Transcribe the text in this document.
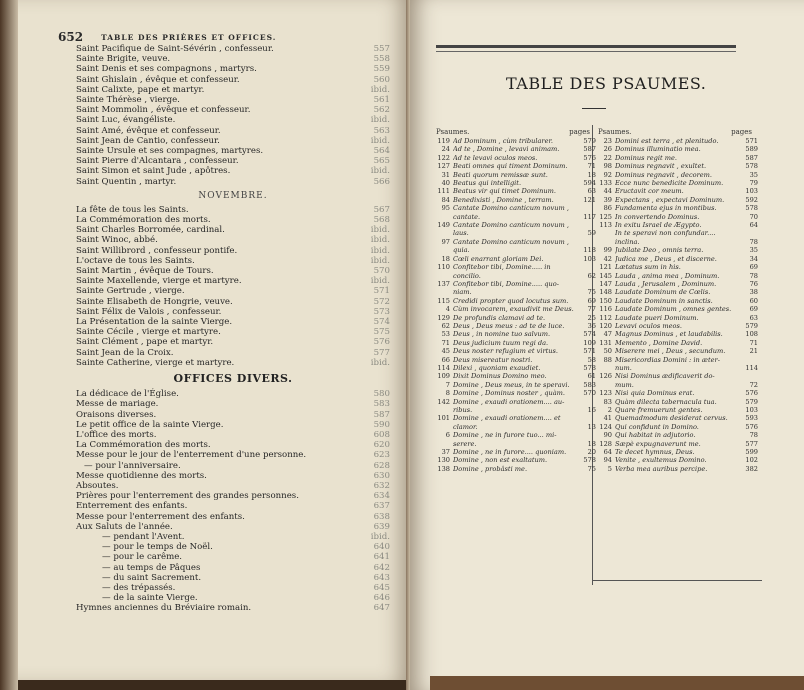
652 TABLE DES PRIÈRES ET OFFICES.
Saint Pacifique de Saint-Sévérin , confesseur.	557
Sainte Brigite, veuve.	558
Saint Denis et ses compagnons , martyrs.	559
Saint Ghislain , évêque et confesseur.	560
Saint Calixte, pape et martyr.	ibid.
Sainte Thérèse , vierge.	561
Saint Mommolin , évêque et confesseur.	562
Saint Luc, évangéliste.	ibid.
Saint Amé, évêque et confesseur.	563
Saint Jean de Cantio, confesseur.	ibid.
Sainte Ursule et ses compagnes, martyres.	564
Saint Pierre d'Alcantara , confesseur.	565
Saint Simon et saint Jude , apôtres.	ibid.
Saint Quentin , martyr.	566
NOVEMBRE.
La fête de tous les Saints.	567
La Commémoration des morts.	568
Saint Charles Borromée, cardinal.	ibid.
Saint Winoc, abbé.	ibid.
Saint Willibrord , confesseur pontife.	ibid.
L'octave de tous les Saints.	ibid.
Saint Martin , évêque de Tours.	570
Sainte Maxellende, vierge et martyre.	ibid.
Sainte Gertrude , vierge.	571
Sainte Elisabeth de Hongrie, veuve.	572
Saint Félix de Valois , confesseur.	573
La Présentation de la sainte Vierge.	574
Sainte Cécile , vierge et martyre.	575
Saint Clément , pape et martyr.	576
Saint Jean de la Croix.	577
Sainte Catherine, vierge et martyre.	ibid.
OFFICES DIVERS.
La dédicace de l'Église.	580
Messe de mariage.	583
Oraisons diverses.	587
Le petit office de la sainte Vierge.	590
L'office des morts.	608
La Commémoration des morts.	620
Messe pour le jour de l'enterrement d'une personne.	623
— pour l'anniversaire.	628
Messe quotidienne des morts.	630
Absoutes.	632
Prières pour l'enterrement des grandes personnes.	634
Enterrement des enfants.	637
Messe pour l'enterrement des enfants.	638
Aux Saluts de l'année.	639
— pendant l'Avent.	ibid.
— pour le temps de Noël.	640
— pour le carême.	641
— au temps de Pâques	642
— du saint Sacrement.	643
— des trépassés.	645
— de la sainte Vierge.	646
Hymnes anciennes du Bréviaire romain.	647
TABLE DES PSAUMES.
Psaumes.	pages
119 Ad Dominum , cùm tribularer.	579
24 Ad te , Domine , levavi animam.	587
122 Ad te levavi oculos meos.	576
127 Beati omnes qui timent Dominum.	71
31 Beati quorum remissæ sunt.	18
40 Beatus qui intelligit.	594
111 Beatus vir qui timet Dominum.	63
84 Benedixisti , Domine , terram.	121
95 Cantate Domino canticum novum ,
cantate.	117
149 Cantate Domino canticum novum ,
laus.	59
97 Cantate Domino canticum novum ,
quia.	118
18 Cœli enarrant gloriam Dei.	103
110 Confitebor tibi, Domine..... in
concilio.	62
137 Confitebor tibi, Domine..... quo-
niam.	75
115 Credidi propter quod locutus sum.	69
4 Cùm invocarem, exaudivit me Deus.	77
129 De profundis clamavi ad te.	25
62 Deus , Deus meus : ad te de luce.	36
53 Deus , in nomine tuo salvum.	574
71 Deus judicium tuum regi da.	109
45 Deus noster refugium et virtus.	571
66 Deus misereatur nostri.	58
114 Dilexi , quoniam exaudiet.	578
109 Dixit Dominus Domino meo.	61
7 Domine , Deus meus, in te speravi.	583
8 Domine , Dominus noster , quàm.	570
142 Domine , exaudi orationem.... au-
ribus.	16
101 Domine , exaudi orationem.... et
clamor.	13
6 Domine , ne in furore tuo... mi-
serere.	18
37 Domine , ne in furore.... quoniam.	20
130 Domine , non est exaltatum.	578
138 Domine , probâsti me.	75
Psaumes.	pages
23 Domini est terra , et plenitudo.	571
26 Dominus illuminatio mea.	589
22 Dominus regit me.	587
98 Dominus regnavit , exultet.	578
92 Dominus regnavit , decorem.	35
133 Ecce nunc benedicite Dominum.	79
44 Eructavit cor meum.	103
39 Expectans , expectavi Dominum.	592
86 Fundamenta ejus in montibus.	578
125 In convertendo Dominus.	70
113 In exitu Israel de Ægypto.	64
In te speravi non confundar....
inclina.	78
99 Jubilate Deo , omnis terra.	35
42 Judica me , Deus , et discerne.	34
121 Lætatus sum in his.	69
145 Lauda , anima mea , Dominum.	78
147 Lauda , Jerusalem , Dominum.	76
148 Laudate Dominum de Cœlis.	38
150 Laudate Dominum in sanctis.	60
116 Laudate Dominum , omnes gentes.	69
112 Laudate pueri Dominum.	63
120 Levavi oculos meos.	579
47 Magnus Dominus , et laudabilis.	108
131 Memento , Domine David.	71
50 Miserere mei , Deus , secundum.	21
88 Misericordias Domini : in æter-
num.	114
126 Nisi Dominus ædificaverit do-
mum.	72
123 Nisi quia Dominus erat.	576
83 Quàm dilecta tabernacula tua.	579
2 Quare fremuerunt gentes.	103
41 Quemadmodum desiderat cervus.	593
124 Qui confidunt in Domino.	576
90 Qui habitat in adjutorio.	78
128 Sæpè expugnaverunt me.	577
64 Te decet hymnus, Deus.	599
94 Venite , exultemus Domino.	102
5 Verba mea auribus percipe.	382
